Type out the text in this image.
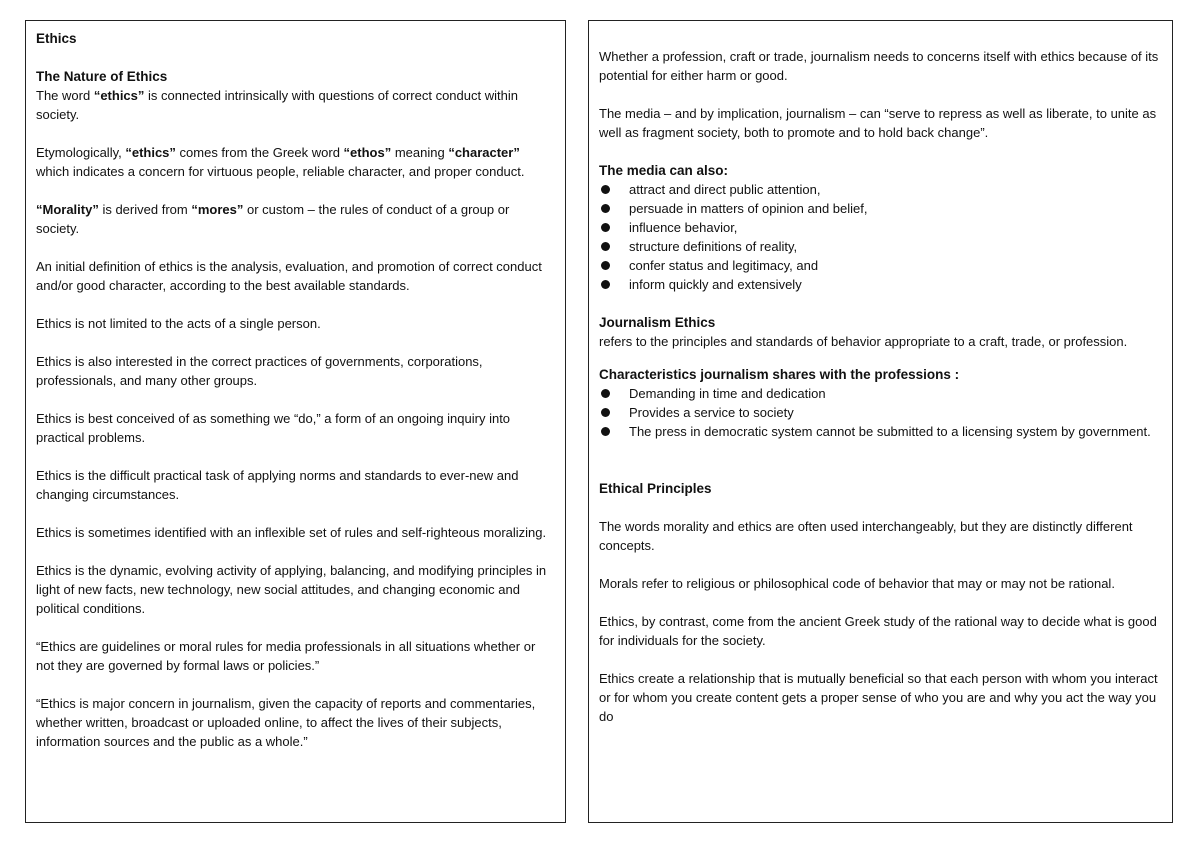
Ethics

The Nature of Ethics

The word “ethics” is connected intrinsically with questions of correct conduct within society.

Etymologically, “ethics” comes from the Greek word “ethos” meaning “character” which indicates a concern for virtuous people, reliable character, and proper conduct.

“Morality” is derived from “mores” or custom – the rules of conduct of a group or society.

An initial definition of ethics is the analysis, evaluation, and promotion of correct conduct and/or good character, according to the best available standards.

Ethics is not limited to the acts of a single person.

Ethics is also interested in the correct practices of governments, corporations, professionals, and many other groups.

Ethics is best conceived of as something we “do,” a form of an ongoing inquiry into practical problems.

Ethics is the difficult practical task of applying norms and standards to ever-new and changing circumstances.

Ethics is sometimes identified with an inflexible set of rules and self-righteous moralizing.

Ethics is the dynamic, evolving activity of applying, balancing, and modifying principles in light of new facts, new technology, new social attitudes, and changing economic and political conditions.

“Ethics are guidelines or moral rules for media professionals in all situations whether or not they are governed by formal laws or policies.”

“Ethics is major concern in journalism, given the capacity of reports and commentaries, whether written, broadcast or uploaded online, to affect the lives of their subjects, information sources and the public as a whole.”

Whether a profession, craft or trade, journalism needs to concerns itself with ethics because of its potential for either harm or good.

The media – and by implication, journalism – can “serve to repress as well as liberate, to unite as well as fragment society, both to promote and to hold back change”.

The media can also:

attract and direct public attention,
persuade in matters of opinion and belief,
influence behavior,
structure definitions of reality,
confer status and legitimacy, and
inform quickly and extensively

Journalism Ethics

refers to the principles and standards of behavior appropriate to a craft, trade, or profession.

Characteristics journalism shares with the professions :

Demanding in time and dedication
Provides a service to society
The press in democratic system cannot be submitted to a licensing system by government.

Ethical Principles

The words morality and ethics are often used interchangeably, but they are distinctly different concepts.

Morals refer to religious or philosophical code of behavior that may or may not be rational.

Ethics, by contrast, come from the ancient Greek study of the rational way to decide what is good for individuals for the society.

Ethics create a relationship that is mutually beneficial so that each person with whom you interact or for whom you create content gets a proper sense of who you are and why you act the way you do
